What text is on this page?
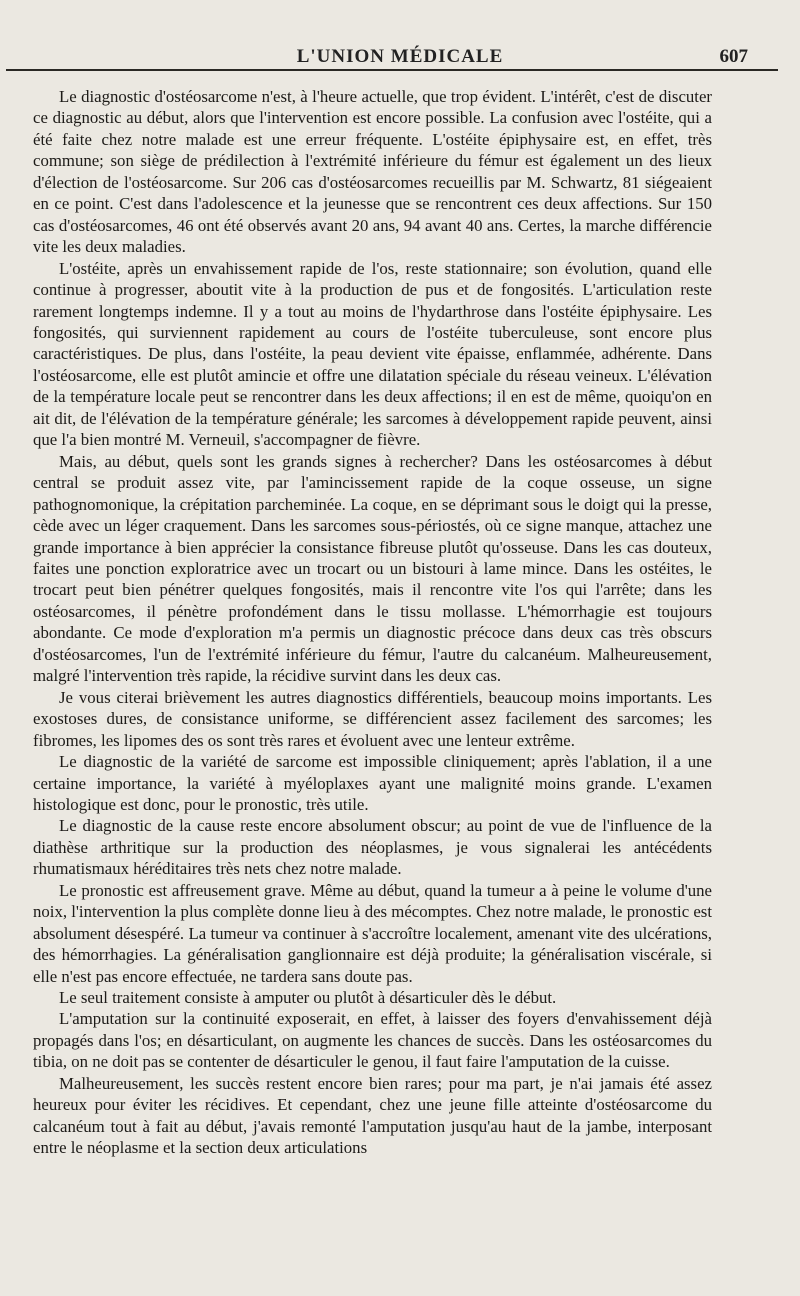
L'UNION MÉDICALE	607

Le diagnostic d'ostéosarcome n'est, à l'heure actuelle, que trop évident. L'intérêt, c'est de discuter ce diagnostic au début, alors que l'intervention est encore possible. La confusion avec l'ostéite, qui a été faite chez notre malade est une erreur fréquente. L'ostéite épiphysaire est, en effet, très commune; son siège de prédilection à l'extrémité inférieure du fémur est également un des lieux d'élection de l'ostéosarcome. Sur 206 cas d'ostéosarcomes recueillis par M. Schwartz, 81 siégeaient en ce point. C'est dans l'adolescence et la jeunesse que se rencontrent ces deux affections. Sur 150 cas d'ostéosarcomes, 46 ont été observés avant 20 ans, 94 avant 40 ans. Certes, la marche différencie vite les deux maladies.

L'ostéite, après un envahissement rapide de l'os, reste stationnaire; son évolution, quand elle continue à progresser, aboutit vite à la production de pus et de fongosités. L'articulation reste rarement longtemps indemne. Il y a tout au moins de l'hydarthrose dans l'ostéite épiphysaire. Les fongosités, qui surviennent rapidement au cours de l'ostéite tuberculeuse, sont encore plus caractéristiques. De plus, dans l'ostéite, la peau devient vite épaisse, enflammée, adhérente. Dans l'ostéosarcome, elle est plutôt amincie et offre une dilatation spéciale du réseau veineux. L'élévation de la température locale peut se rencontrer dans les deux affections; il en est de même, quoiqu'on en ait dit, de l'élévation de la température générale; les sarcomes à développement rapide peuvent, ainsi que l'a bien montré M. Verneuil, s'accompagner de fièvre.

Mais, au début, quels sont les grands signes à rechercher? Dans les ostéosarcomes à début central se produit assez vite, par l'amincissement rapide de la coque osseuse, un signe pathognomonique, la crépitation parcheminée. La coque, en se déprimant sous le doigt qui la presse, cède avec un léger craquement. Dans les sarcomes sous-périostés, où ce signe manque, attachez une grande importance à bien apprécier la consistance fibreuse plutôt qu'osseuse. Dans les cas douteux, faites une ponction exploratrice avec un trocart ou un bistouri à lame mince. Dans les ostéites, le trocart peut bien pénétrer quelques fongosités, mais il rencontre vite l'os qui l'arrête; dans les ostéosarcomes, il pénètre profondément dans le tissu mollasse. L'hémorrhagie est toujours abondante. Ce mode d'exploration m'a permis un diagnostic précoce dans deux cas très obscurs d'ostéosarcomes, l'un de l'extrémité inférieure du fémur, l'autre du calcanéum. Malheureusement, malgré l'intervention très rapide, la récidive survint dans les deux cas.

Je vous citerai brièvement les autres diagnostics différentiels, beaucoup moins importants. Les exostoses dures, de consistance uniforme, se différencient assez facilement des sarcomes; les fibromes, les lipomes des os sont très rares et évoluent avec une lenteur extrême.

Le diagnostic de la variété de sarcome est impossible cliniquement; après l'ablation, il a une certaine importance, la variété à myéloplaxes ayant une malignité moins grande. L'examen histologique est donc, pour le pronostic, très utile.

Le diagnostic de la cause reste encore absolument obscur; au point de vue de l'influence de la diathèse arthritique sur la production des néoplasmes, je vous signalerai les antécédents rhumatismaux héréditaires très nets chez notre malade.

Le pronostic est affreusement grave. Même au début, quand la tumeur a à peine le volume d'une noix, l'intervention la plus complète donne lieu à des mécomptes. Chez notre malade, le pronostic est absolument désespéré. La tumeur va continuer à s'accroître localement, amenant vite des ulcérations, des hémorrhagies. La généralisation ganglionnaire est déjà produite; la généralisation viscérale, si elle n'est pas encore effectuée, ne tardera sans doute pas.

Le seul traitement consiste à amputer ou plutôt à désarticuler dès le début.

L'amputation sur la continuité exposerait, en effet, à laisser des foyers d'envahissement déjà propagés dans l'os; en désarticulant, on augmente les chances de succès. Dans les ostéosarcomes du tibia, on ne doit pas se contenter de désarticuler le genou, il faut faire l'amputation de la cuisse.

Malheureusement, les succès restent encore bien rares; pour ma part, je n'ai jamais été assez heureux pour éviter les récidives. Et cependant, chez une jeune fille atteinte d'ostéosarcome du calcanéum tout à fait au début, j'avais remonté l'amputation jusqu'au haut de la jambe, interposant entre le néoplasme et la section deux articulations
